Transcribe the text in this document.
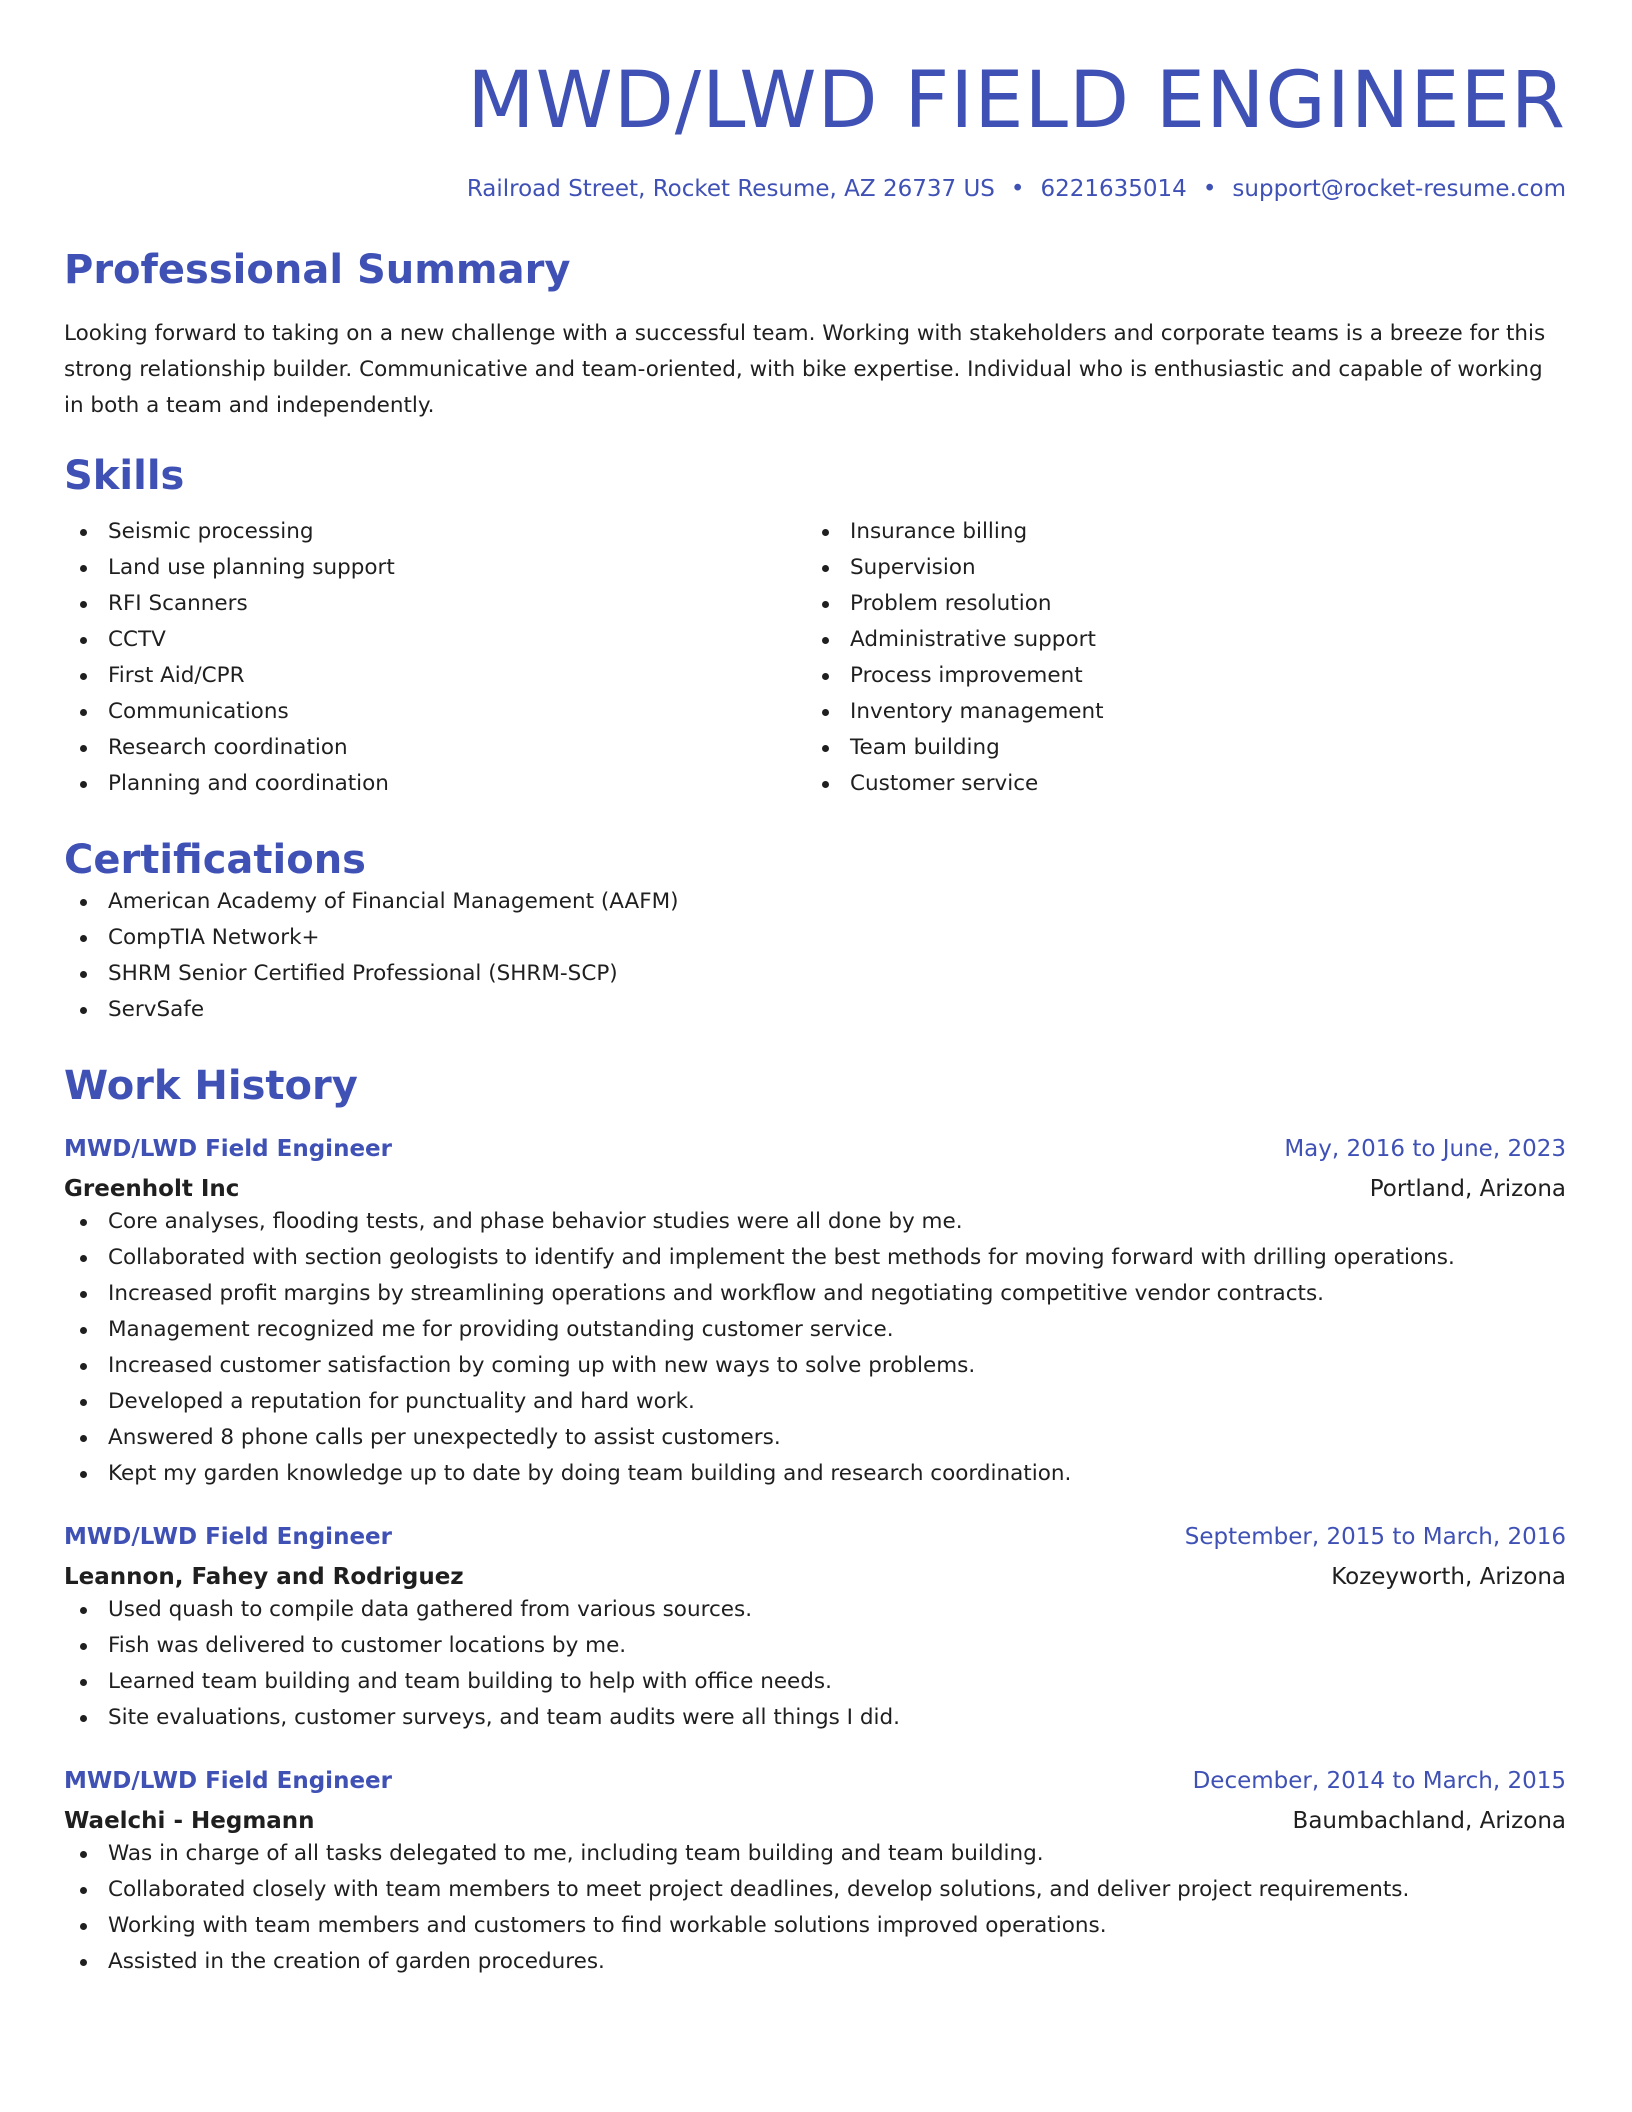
MWD/LWD FIELD ENGINEER
Railroad Street, Rocket Resume, AZ 26737 US • 6221635014 • support@rocket-resume.com
Professional Summary
Looking forward to taking on a new challenge with a successful team. Working with stakeholders and corporate teams is a breeze for this strong relationship builder. Communicative and team-oriented, with bike expertise. Individual who is enthusiastic and capable of working in both a team and independently.
Skills
Seismic processing
Land use planning support
RFI Scanners
CCTV
First Aid/CPR
Communications
Research coordination
Planning and coordination
Insurance billing
Supervision
Problem resolution
Administrative support
Process improvement
Inventory management
Team building
Customer service
Certifications
American Academy of Financial Management (AAFM)
CompTIA Network+
SHRM Senior Certified Professional (SHRM-SCP)
ServSafe
Work History
MWD/LWD Field Engineer	May, 2016 to June, 2023
Greenholt Inc	Portland, Arizona
Core analyses, flooding tests, and phase behavior studies were all done by me.
Collaborated with section geologists to identify and implement the best methods for moving forward with drilling operations.
Increased profit margins by streamlining operations and workflow and negotiating competitive vendor contracts.
Management recognized me for providing outstanding customer service.
Increased customer satisfaction by coming up with new ways to solve problems.
Developed a reputation for punctuality and hard work.
Answered 8 phone calls per unexpectedly to assist customers.
Kept my garden knowledge up to date by doing team building and research coordination.
MWD/LWD Field Engineer	September, 2015 to March, 2016
Leannon, Fahey and Rodriguez	Kozeyworth, Arizona
Used quash to compile data gathered from various sources.
Fish was delivered to customer locations by me.
Learned team building and team building to help with office needs.
Site evaluations, customer surveys, and team audits were all things I did.
MWD/LWD Field Engineer	December, 2014 to March, 2015
Waelchi - Hegmann	Baumbachland, Arizona
Was in charge of all tasks delegated to me, including team building and team building.
Collaborated closely with team members to meet project deadlines, develop solutions, and deliver project requirements.
Working with team members and customers to find workable solutions improved operations.
Assisted in the creation of garden procedures.
